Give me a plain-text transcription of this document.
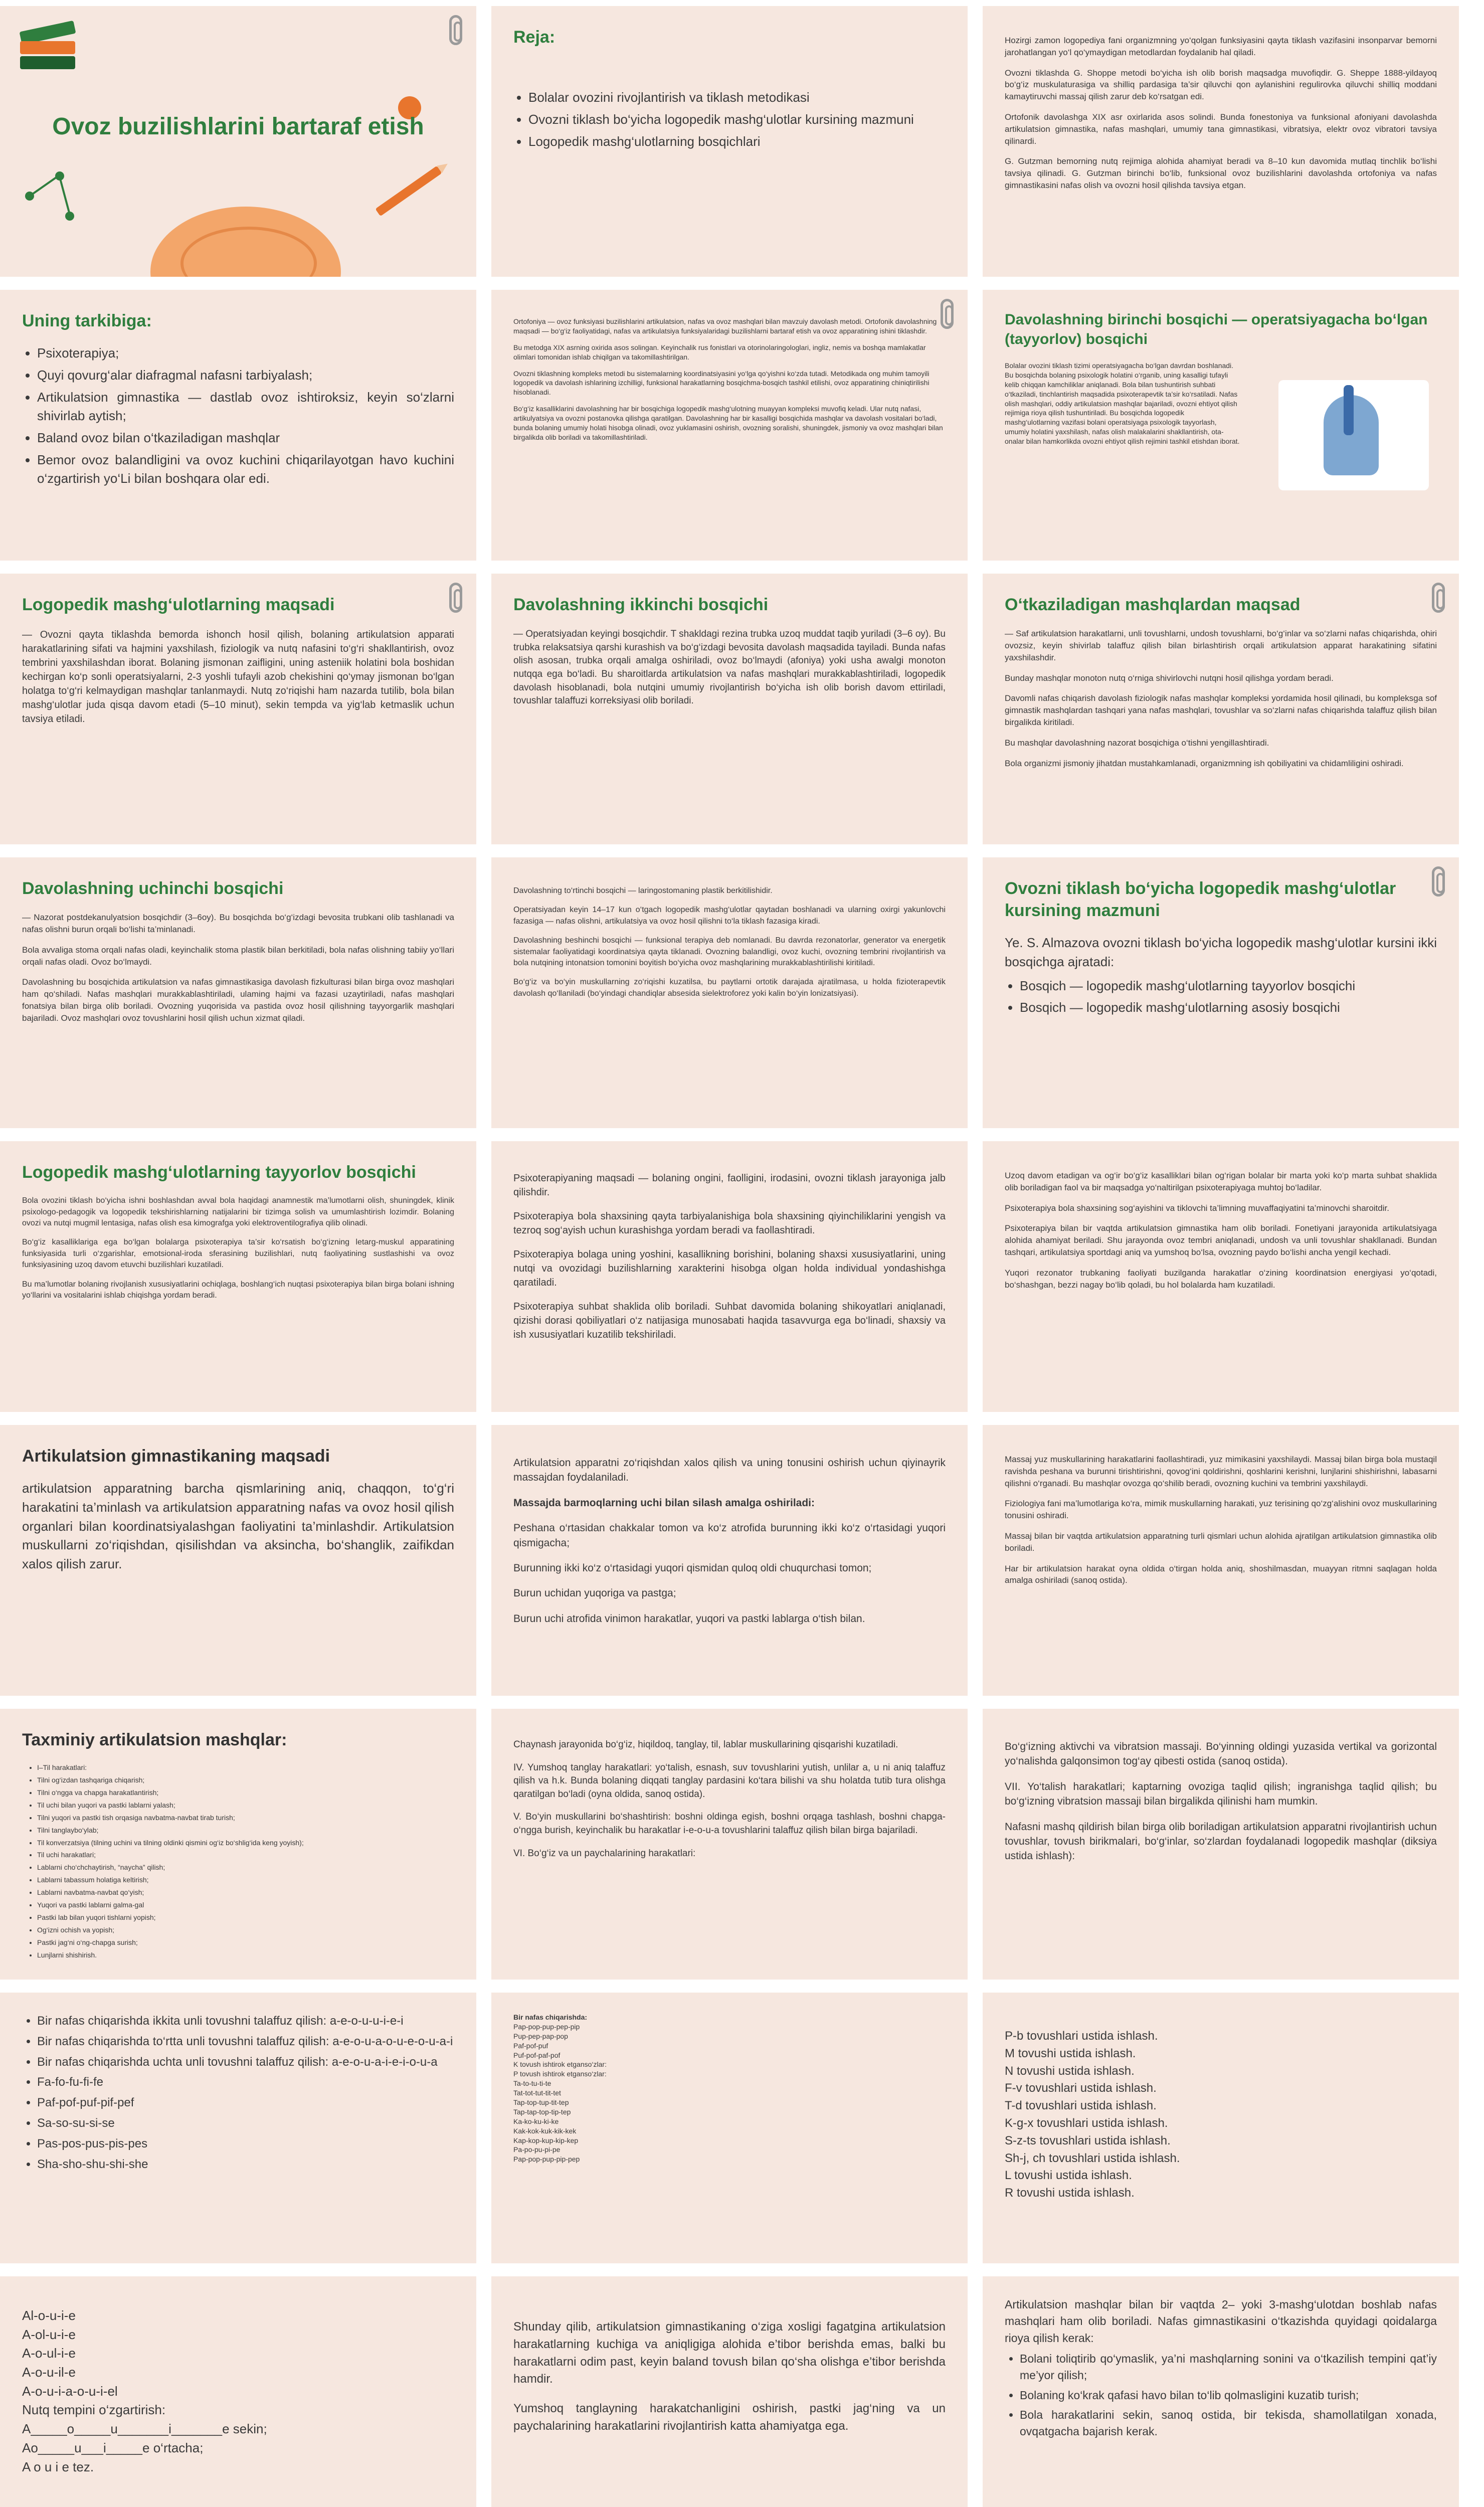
Ovoz buzilishlarini bartaraf etish
Reja:
• Bolalar ovozini rivojlantirish va tiklash metodikasi
• Ovozni tiklash bo‘yicha logopedik mashg‘ulotlar kursining mazmuni
• Logopedik mashg‘ulotlarning bosqichlari

Hozirgi zamon logopediya fani organizmning yo‘qolgan funksiyasini qayta tiklash vazifasini insonparvar bemorni jarohatlangan yo‘l qo‘ymaydigan metodlardan foydalanib hal qiladi.

Ovozni tiklashda G. Shoppe metodi bo‘yicha ish olib borish maqsadga muvofiqdir. G. Sheppe 1888-yildayoq bo‘g‘iz muskulaturasiga va shilliq pardasiga ta’sir qiluvchi qon aylanishini regulirovka qiluvchi shilliq moddani kamaytiruvchi massaj qilish zarur deb ko‘rsatgan edi.

Ortofonik davolashga XIX asr oxirlarida asos solindi. Bunda fonestoniya va funksional afoniyani davolashda artikulatsion gimnastika, nafas mashqlari, umumiy tana gimnastikasi, vibratsiya, elektr ovoz vibratori tavsiya qilinardi.

G. Gutzman bemorning nutq rejimiga alohida ahamiyat beradi va 8–10 kun davomida mutlaq tinchlik bo‘lishi tavsiya qilinadi. G. Gutzman birinchi bo‘lib, funksional ovoz buzilishlarini davolashda ortofoniya va nafas gimnastikasini nafas olish va ovozni hosil qilishda tavsiya etgan.

Uning tarkibiga:
• Psixoterapiya;
• Quyi qovurg‘alar diafragmal nafasni tarbiyalash;
• Artikulatsion gimnastika — dastlab ovoz ishtiroksiz, keyin so‘zlarni shivirlab aytish;
• Baland ovoz bilan o‘tkaziladigan mashqlar
• Bemor ovoz balandligini va ovoz kuchini chiqarilayotgan havo kuchini o‘zgartirish yo‘Li bilan boshqara olar edi.

Ortofoniya — ovoz funksiyasi buzilishlarini artikulatsion, nafas va ovoz mashqlari bilan mavzuiy davolash metodi. Ortofonik davolashning maqsadi — bo‘g‘iz faoliyatidagi, nafas va artikulatsiya funksiyalaridagi buzilishlarni bartaraf etish va ovoz apparatining ishini tiklashdir.

Bu metodga XIX asrning oxirida asos solingan. Keyinchalik rus fonistlari va otorinolaringologlari, ingliz, nemis va boshqa mamlakatlar olimlari tomonidan ishlab chiqilgan va takomillashtirilgan.

Ovozni tiklashning kompleks metodi bu sistemalarning koordinatsiyasini yo‘lga qo‘yishni ko‘zda tutadi. Metodikada ong muhim tamoyili logopedik va davolash ishlarining izchilligi, funksional harakatlarning bosqichma-bosqich tashkil etilishi, ovoz apparatining chiniqtirilishi hisoblanadi.

Bo‘g‘iz kasalliklarini davolashning har bir bosqichiga logopedik mashg‘ulotning muayyan kompleksi muvofiq keladi. Ular nutq nafasi, artikulyatsiya va ovozni postanovka qilishga qaratilgan. Davolashning har bir kasalligi bosqichida mashqlar va davolash vositalari bo‘ladi, bunda bolaning umumiy holati hisobga olinadi, ovoz yuklamasini oshirish, ovozning soralishi, shuningdek, jismoniy va ovoz mashqlari bilan birgalikda olib boriladi va takomillashtiriladi.

Davolashning birinchi bosqichi — operatsiyagacha bo‘lgan (tayyorlov) bosqichi
Bolalar ovozini tiklash tizimi operatsiyagacha bo‘lgan davrdan boshlanadi. Bu bosqichda bolaning psixologik holatini o‘rganib, uning kasalligi tufayli kelib chiqqan kamchiliklar aniqlanadi. Bola bilan tushuntirish suhbati o‘tkaziladi, tinchlantirish maqsadida psixoterapevtik ta’sir ko‘rsatiladi. Nafas olish mashqlari, oddiy artikulatsion mashqlar bajariladi, ovozni ehtiyot qilish rejimiga rioya qilish tushuntiriladi. Bu bosqichda logopedik mashg‘ulotlarning vazifasi bolani operatsiyaga psixologik tayyorlash, umumiy holatini yaxshilash, nafas olish malakalarini shakllantirish, ota-onalar bilan hamkorlikda ovozni ehtiyot qilish rejimini tashkil etishdan iborat.
Logopedik mashg‘ulotlarning maqsadi
— Ovozni qayta tiklashda bemorda ishonch hosil qilish, bolaning artikulatsion apparati harakatlarining sifati va hajmini yaxshilash, fiziologik va nutq nafasini to‘g‘ri shakllantirish, ovoz tembrini yaxshilashdan iborat. Bolaning jismonan zaifligini, uning asteniik holatini bola boshidan kechirgan ko‘p sonli operatsiyalarni, 2-3 yoshli tufayli azob chekishini qo‘ymay jismonan bo‘lgan holatga to‘g‘ri kelmaydigan mashqlar tanlanmaydi. Nutq zo‘riqishi ham nazarda tutilib, bola bilan mashg‘ulotlar juda qisqa davom etadi (5–10 minut), sekin tempda va yig‘lab ketmaslik uchun tavsiya etiladi.
Davolashning ikkinchi bosqichi
— Operatsiyadan keyingi bosqichdir. T shakldagi rezina trubka uzoq muddat taqib yuriladi (3–6 oy). Bu trubka relaksatsiya qarshi kurashish va bo‘g‘izdagi bevosita davolash maqsadida tayiladi. Bunda nafas olish asosan, trubka orqali amalga oshiriladi, ovoz bo‘lmaydi (afoniya) yoki usha awalgi monoton nutqqa ega bo‘ladi. Bu sharoitlarda artikulatsion va nafas mashqlari murakkablashtiriladi, logopedik davolash hisoblanadi, bola nutqini umumiy rivojlantirish bo‘yicha ish olib borish davom ettiriladi, tovushlar talaffuzi korreksiyasi olib boriladi.
O‘tkaziladigan mashqlardan maqsad

— Saf artikulatsion harakatlarni, unli tovushlarni, undosh tovushlarni, bo‘g‘inlar va so‘zlarni nafas chiqarishda, ohiri ovozsiz, keyin shivirlab talaffuz qilish bilan birlashtirish orqali artikulatsion apparat harakatining sifatini yaxshilashdir.

Bunday mashqlar monoton nutq o‘rniga shivirlovchi nutqni hosil qilishga yordam beradi.

Davomli nafas chiqarish davolash fiziologik nafas mashqlar kompleksi yordamida hosil qilinadi, bu kompleksga sof gimnastik mashqlardan tashqari yana nafas mashqlari, tovushlar va so‘zlarni nafas chiqarishda talaffuz qilish bilan birgalikda kiritiladi.

Bu mashqlar davolashning nazorat bosqichiga o‘tishni yengillashtiradi.

Bola organizmi jismoniy jihatdan mustahkamlanadi, organizmning ish qobiliyatini va chidamliligini oshiradi.

Davolashning uchinchi bosqichi

— Nazorat postdekanulyatsion bosqichdir (3–6oy). Bu bosqichda bo‘g‘izdagi bevosita trubkani olib tashlanadi va nafas olishni burun orqali bo‘lishi ta’minlanadi.

Bola avvaliga stoma orqali nafas oladi, keyinchalik stoma plastik bilan berkitiladi, bola nafas olishning tabiiy yo‘llari orqali nafas oladi. Ovoz bo‘lmaydi.

Davolashning bu bosqichida artikulatsion va nafas gimnastikasiga davolash fizkulturasi bilan birga ovoz mashqlari ham qo‘shiladi. Nafas mashqlari murakkablashtiriladi, ulaming hajmi va fazasi uzaytiriladi, nafas mashqlari fonatsiya bilan birga olib boriladi. Ovozning yuqorisida va pastida ovoz hosil qilishning tayyorgarlik mashqlari bajariladi. Ovoz mashqlari ovoz tovushlarini hosil qilish uchun xizmat qiladi.

Davolashning to‘rtinchi bosqichi — laringostomaning plastik berkitilishidir.

Operatsiyadan keyin 14–17 kun o‘tgach logopedik mashg‘ulotlar qaytadan boshlanadi va ularning oxirgi yakunlovchi fazasiga — nafas olishni, artikulatsiya va ovoz hosil qilishni to‘la tiklash fazasiga kiradi.

Davolashning beshinchi bosqichi — funksional terapiya deb nomlanadi. Bu davrda rezonatorlar, generator va energetik sistemalar faoliyatidagi koordinatsiya qayta tiklanadi. Ovozning balandligi, ovoz kuchi, ovozning tembrini rivojlantirish va bola nutqining intonatsion tomonini boyitish bo‘yicha ovoz mashqlarining murakkablashtirilishi kiritiladi.

Bo‘g‘iz va bo‘yin muskullarning zo‘riqishi kuzatilsa, bu paytlarni ortotik darajada ajratilmasa, u holda fizioterapevtik davolash qo‘llaniladi (bo‘yindagi chandiqlar absesida sielektroforez yoki kalin bo‘yin lonizatsiyasi).

Ovozni tiklash bo‘yicha logopedik mashg‘ulotlar kursining mazmuni
Ye. S. Almazova ovozni tiklash bo‘yicha logopedik mashg‘ulotlar kursini ikki bosqichga ajratadi:
• Bosqich — logopedik mashg‘ulotlarning tayyorlov bosqichi
• Bosqich — logopedik mashg‘ulotlarning asosiy bosqichi
Logopedik mashg‘ulotlarning tayyorlov bosqichi

Bola ovozini tiklash bo‘yicha ishni boshlashdan avval bola haqidagi anamnestik ma’lumotlarni olish, shuningdek, klinik psixologo-pedagogik va logopedik tekshirishlarning natijalarini bir tizimga solish va umumlashtirish lozimdir. Bolaning ovozi va nutqi mugmil lentasiga, nafas olish esa kimografga yoki elektroventilografiya qilib olinadi.

Bo‘g‘iz kasalliklariga ega bo‘lgan bolalarga psixoterapiya ta’sir ko‘rsatish bo‘g‘izning letarg-muskul apparatining funksiyasida turli o‘zgarishlar, emotsional-iroda sferasining buzilishlari, nutq faoliyatining sustlashishi va ovoz funksiyasining uzoq davom etuvchi buzilishlari kuzatiladi.

Bu ma’lumotlar bolaning rivojlanish xususiyatlarini ochiqlaga, boshlang‘ich nuqtasi psixoterapiya bilan birga bolani ishning yo‘llarini va vositalarini ishlab chiqishga yordam beradi.

Psixoterapiyaning maqsadi — bolaning ongini, faolligini, irodasini, ovozni tiklash jarayoniga jalb qilishdir.

Psixoterapiya bola shaxsining qayta tarbiyalanishiga bola shaxsining qiyinchiliklarini yengish va tezroq sog‘ayish uchun kurashishga yordam beradi va faollashtiradi.

Psixoterapiya bolaga uning yoshini, kasallikning borishini, bolaning shaxsi xususiyatlarini, uning nutqi va ovozidagi buzilishlarning xarakterini hisobga olgan holda individual yondashishga qaratiladi.

Psixoterapiya suhbat shaklida olib boriladi. Suhbat davomida bolaning shikoyatlari aniqlanadi, qizishi dorasi qobiliyatlari o‘z natijasiga munosabati haqida tasavvurga ega bo‘linadi, shaxsiy va ish xususiyatlari kuzatilib tekshiriladi.

Uzoq davom etadigan va og‘ir bo‘g‘iz kasalliklari bilan og‘rigan bolalar bir marta yoki ko‘p marta suhbat shaklida olib boriladigan faol va bir maqsadga yo‘naltirilgan psixoterapiyaga muhtoj bo‘ladilar.

Psixoterapiya bola shaxsining sog‘ayishini va tiklovchi ta’limning muvaffaqiyatini ta’minovchi sharoitdir.

Psixoterapiya bilan bir vaqtda artikulatsion gimnastika ham olib boriladi. Fonetiyani jarayonida artikulatsiyaga alohida ahamiyat beriladi. Shu jarayonda ovoz tembri aniqlanadi, undosh va unli tovushlar shakllanadi. Bundan tashqari, artikulatsiya sportdagi aniq va yumshoq bo‘lsa, ovozning paydo bo‘lishi ancha yengil kechadi.

Yuqori rezonator trubkaning faoliyati buzilganda harakatlar o‘zining koordinatsion energiyasi yo‘qotadi, bo‘shashgan, bezzi nagay bo‘lib qoladi, bu hol bolalarda ham kuzatiladi.

Artikulatsion gimnastikaning maqsadi
artikulatsion apparatning barcha qismlarining aniq, chaqqon, to‘g‘ri harakatini ta’minlash va artikulatsion apparatning nafas va ovoz hosil qilish organlari bilan koordinatsiyalashgan faoliyatini ta’minlashdir. Artikulatsion muskullarni zo‘riqishdan, qisilishdan va aksincha, bo‘shanglik, zaifikdan xalos qilish zarur.

Artikulatsion apparatni zo‘riqishdan xalos qilish va uning tonusini oshirish uchun qiyinayrik massajdan foydalaniladi.

Massajda barmoqlarning uchi bilan silash amalga oshiriladi:

Peshana o‘rtasidan chakkalar tomon va ko‘z atrofida burunning ikki ko‘z o‘rtasidagi yuqori qismigacha;

Burunning ikki ko‘z o‘rtasidagi yuqori qismidan quloq oldi chuqurchasi tomon;

Burun uchidan yuqoriga va pastga;

Burun uchi atrofida vinimon harakatlar, yuqori va pastki lablarga o‘tish bilan.

Massaj yuz muskullarining harakatlarini faollashtiradi, yuz mimikasini yaxshilaydi. Massaj bilan birga bola mustaqil ravishda peshana va burunni tirishtirishni, qovog‘ini qoldirishni, qoshlarini kerishni, lunjlarini shishirishni, labasarni qilishni o‘rganadi. Bu mashqlar ovozga qo‘shilib beradi, ovozning kuchini va tembrini yaxshilaydi.

Fiziologiya fani ma’lumotlariga ko‘ra, mimik muskullarning harakati, yuz terisining qo‘zg‘alishini ovoz muskullarining tonusini oshiradi.

Massaj bilan bir vaqtda artikulatsion apparatning turli qismlari uchun alohida ajratilgan artikulatsion gimnastika olib boriladi.

Har bir artikulatsion harakat oyna oldida o‘tirgan holda aniq, shoshilmasdan, muayyan ritmni saqlagan holda amalga oshiriladi (sanoq ostida).

Taxminiy artikulatsion mashqlar:
• I–Til harakatlari:
• Tilni og‘izdan tashqariga chiqarish;
• Tilni o‘ngga va chapga harakatlantirish;
• Til uchi bilan yuqori va pastki lablarni yalash;
• Tilni yuqori va pastki tish orqasiga navbatma-navbat tirab turish;
• Tilni tanglaybo‘ylab;
• Til konverzatsiya (tilning uchini va tilning oldinki qismini og‘iz bo‘shlig‘ida keng yoyish);
• Til uchi harakatlari;
• Lablarni cho‘chchaytirish, “naycha” qilish;
• Lablarni tabassum holatiga keltirish;
• Lablarni navbatma-navbat qo‘yish;
• Yuqori va pastki lablarni galma-gal
• Pastki lab bilan yuqori tishlarni yopish;
• Og‘izni ochish va yopish;
• Pastki jag‘ni o‘ng-chapga surish;
• Lunjlarni shishirish.

Chaynash jarayonida bo‘g‘iz, hiqildoq, tanglay, til, lablar muskullarining qisqarishi kuzatiladi.

IV. Yumshoq tanglay harakatlari: yo‘talish, esnash, suv tovushlarini yutish, unlilar a, u ni aniq talaffuz qilish va h.k. Bunda bolaning diqqati tanglay pardasini ko‘tara bilishi va shu holatda tutib tura olishga qaratilgan bo‘ladi (oyna oldida, sanoq ostida).

V. Bo‘yin muskullarini bo‘shashtirish: boshni oldinga egish, boshni orqaga tashlash, boshni chapga-o‘ngga burish, keyinchalik bu harakatlar i-e-o-u-a tovushlarini talaffuz qilish bilan birga bajariladi.

VI. Bo‘g‘iz va un paychalarining harakatlari:

Bo‘g‘izning aktivchi va vibratsion massaji. Bo‘yinning oldingi yuzasida vertikal va gorizontal yo‘nalishda galqonsimon tog‘ay qibesti ostida (sanoq ostida).

VII. Yo‘talish harakatlari; kaptarning ovoziga taqlid qilish; ingranishga taqlid qilish; bu bo‘g‘izning vibratsion massaji bilan birgalikda qilinishi ham mumkin.

Nafasni mashq qildirish bilan birga olib boriladigan artikulatsion apparatni rivojlantirish uchun tovushlar, tovush birikmalari, bo‘g‘inlar, so‘zlardan foydalanadi logopedik mashqlar (diksiya ustida ishlash):

• Bir nafas chiqarishda ikkita unli tovushni talaffuz qilish: a-e-o-u-u-i-e-i
• Bir nafas chiqarishda to‘rtta unli tovushni talaffuz qilish: a-e-o-u-a-o-u-e-o-u-a-i
• Bir nafas chiqarishda uchta unli tovushni talaffuz qilish: a-e-o-u-a-i-e-i-o-u-a
• Fa-fo-fu-fi-fe
• Paf-pof-puf-pif-pef
• Sa-so-su-si-se
• Pas-pos-pus-pis-pes
• Sha-sho-shu-shi-she
Bir nafas chiqarishda:
Pap-pop-pup-pep-pip
Pup-pep-pap-pop
Paf-pof-puf
Puf-pof-paf-pof
K tovush ishtirok etganso‘zlar:
P tovush ishtirok etganso‘zlar:
Ta-to-tu-ti-te
Tat-tot-tut-tit-tet
Tap-top-tup-tit-tep
Tap-tap-top-tip-tep
Ka-ko-ku-ki-ke
Kak-kok-kuk-kik-kek
Kap-kop-kup-kip-kep
Pa-po-pu-pi-pe
Pap-pop-pup-pip-pep
P-b tovushlari ustida ishlash.
M tovushi ustida ishlash.
N tovushi ustida ishlash.
F-v tovushlari ustida ishlash.
T-d tovushlari ustida ishlash.
K-g-x tovushlari ustida ishlash.
S-z-ts tovushlari ustida ishlash.
Sh-j, ch tovushlari ustida ishlash.
L tovushi ustida ishlash.
R tovushi ustida ishlash.
Al-o-u-i-e
A-ol-u-i-e
A-o-ul-i-e
A-o-u-il-e
A-o-u-i-a-o-u-i-el
Nutq tempini o‘zgartirish:
A_____o_____u_______i_______e sekin;
Ao_____u___i_____e o‘rtacha;
A o u i e tez.

Shunday qilib, artikulatsion gimnastikaning o‘ziga xosligi fagatgina artikulatsion harakatlarning kuchiga va aniqligiga alohida e’tibor berishda emas, balki bu harakatlarni odim past, keyin baland tovush bilan qo‘sha olishga e’tibor berishda hamdir.

Yumshoq tanglayning harakatchanligini oshirish, pastki jag‘ning va un paychalarining harakatlarini rivojlantirish katta ahamiyatga ega.

Artikulatsion mashqlar bilan bir vaqtda 2– yoki 3-mashg‘ulotdan boshlab nafas mashqlari ham olib boriladi. Nafas gimnastikasini o‘tkazishda quyidagi qoidalarga rioya qilish kerak:
• Bolani toliqtirib qo‘ymaslik, ya’ni mashqlarning sonini va o‘tkazilish tempini qat’iy me’yor qilish;
• Bolaning ko‘krak qafasi havo bilan to‘lib qolmasligini kuzatib turish;
• Bola harakatlarini sekin, sanoq ostida, bir tekisda, shamollatilgan xonada, ovqatgacha bajarish kerak.
